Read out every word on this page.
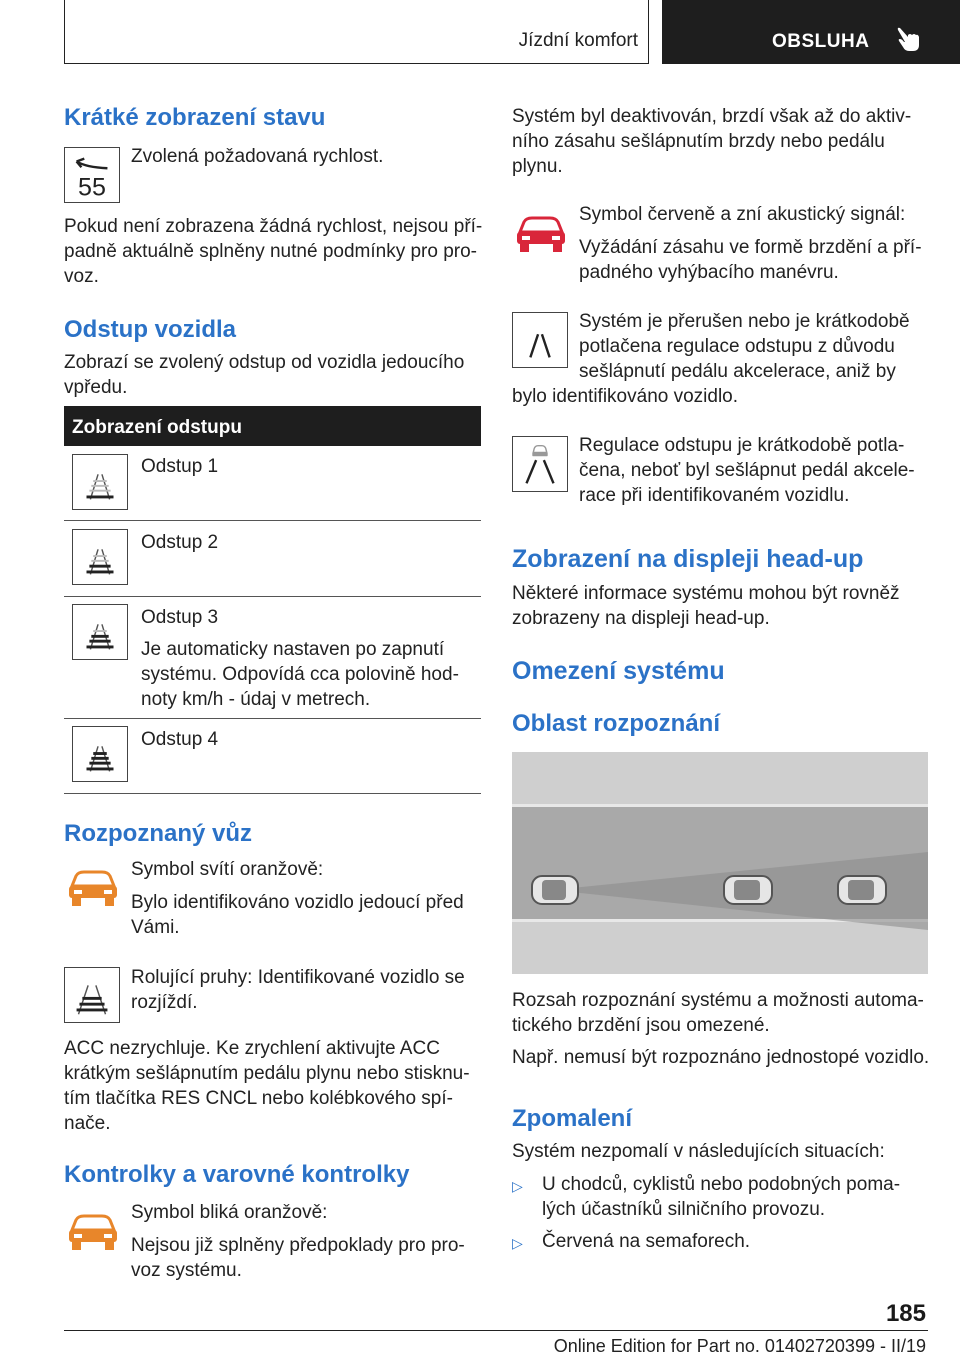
Jízdní komfort	OBSLUHA
Krátké zobrazení stavu
55
Zvolená požadovaná rychlost.
Pokud není zobrazena žádná rychlost, nejsou pří‐
padně aktuálně splněny nutné podmínky pro pro‐
voz.
Odstup vozidla
Zobrazí se zvolený odstup od vozidla jedoucího
vpředu.
Zobrazení odstupu
Odstup 1
Odstup 2
Odstup 3
Je automaticky nastaven po zapnutí
systému. Odpovídá cca polovině hod‐
noty km/h - údaj v metrech.
Odstup 4
Rozpoznaný vůz
Symbol svítí oranžově:
Bylo identifikováno vozidlo jedoucí před
Vámi.
Rolující pruhy: Identifikované vozidlo se
rozjíždí.
ACC nezrychluje. Ke zrychlení aktivujte ACC
krátkým sešlápnutím pedálu plynu nebo stisknu‐
tím tlačítka RES CNCL nebo kolébkového spí‐
nače.
Kontrolky a varovné kontrolky
Symbol bliká oranžově:
Nejsou již splněny předpoklady pro pro‐
voz systému.
Systém byl deaktivován, brzdí však až do aktiv‐
ního zásahu sešlápnutím brzdy nebo pedálu
plynu.
Symbol červeně a zní akustický signál:
Vyžádání zásahu ve formě brzdění a pří‐
padného vyhýbacího manévru.
Systém je přerušen nebo je krátkodobě
potlačena regulace odstupu z důvodu
sešlápnutí pedálu akcelerace, aniž by
bylo identifikováno vozidlo.
Regulace odstupu je krátkodobě potla‐
čena, neboť byl sešlápnut pedál akcele‐
race při identifikovaném vozidlu.
Zobrazení na displeji head-up
Některé informace systému mohou být rovněž
zobrazeny na displeji head-up.
Omezení systému
Oblast rozpoznání
Rozsah rozpoznání systému a možnosti automa‐
tického brzdění jsou omezené.
Např. nemusí být rozpoznáno jednostopé vozidlo.
Zpomalení
Systém nezpomalí v následujících situacích:
▷ U chodců, cyklistů nebo podobných poma‐
lých účastníků silničního provozu.
▷ Červená na semaforech.
185
Online Edition for Part no. 01402720399 - II/19
